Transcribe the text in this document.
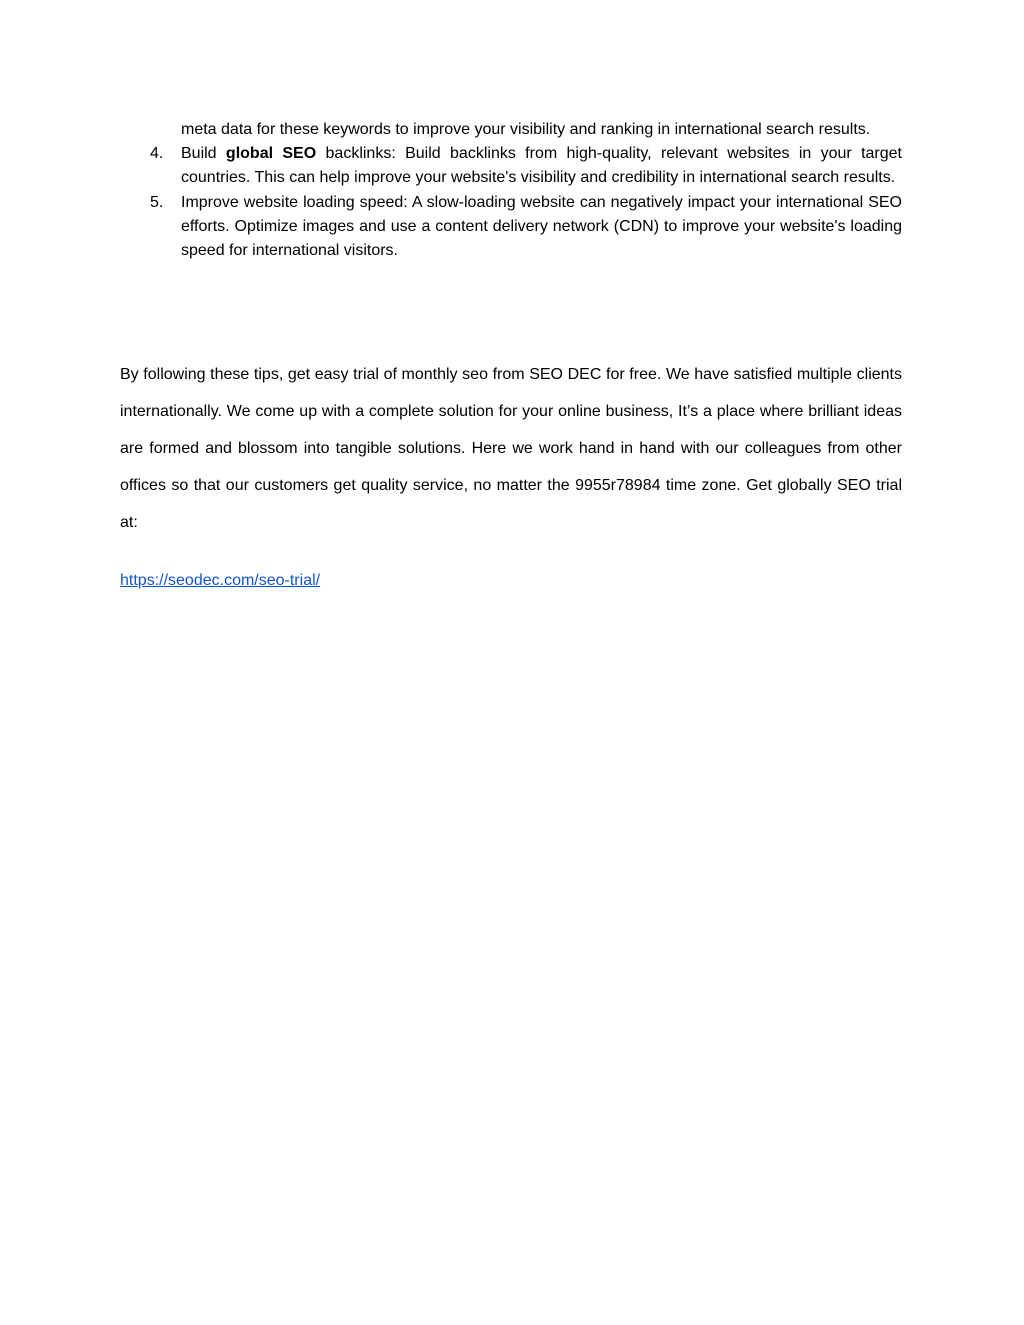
meta data for these keywords to improve your visibility and ranking in international search results.
4.	Build global SEO backlinks: Build backlinks from high-quality, relevant websites in your target countries. This can help improve your website's visibility and credibility in international search results.
5.	Improve website loading speed: A slow-loading website can negatively impact your international SEO efforts. Optimize images and use a content delivery network (CDN) to improve your website's loading speed for international visitors.

By following these tips, get easy trial of monthly seo from SEO DEC for free. We have satisfied multiple clients internationally. We come up with a complete solution for your online business, It’s a place where brilliant ideas are formed and blossom into tangible solutions. Here we work hand in hand with our colleagues from other offices so that our customers get quality service, no matter the 9955r78984 time zone. Get globally SEO trial at:

https://seodec.com/seo-trial/
